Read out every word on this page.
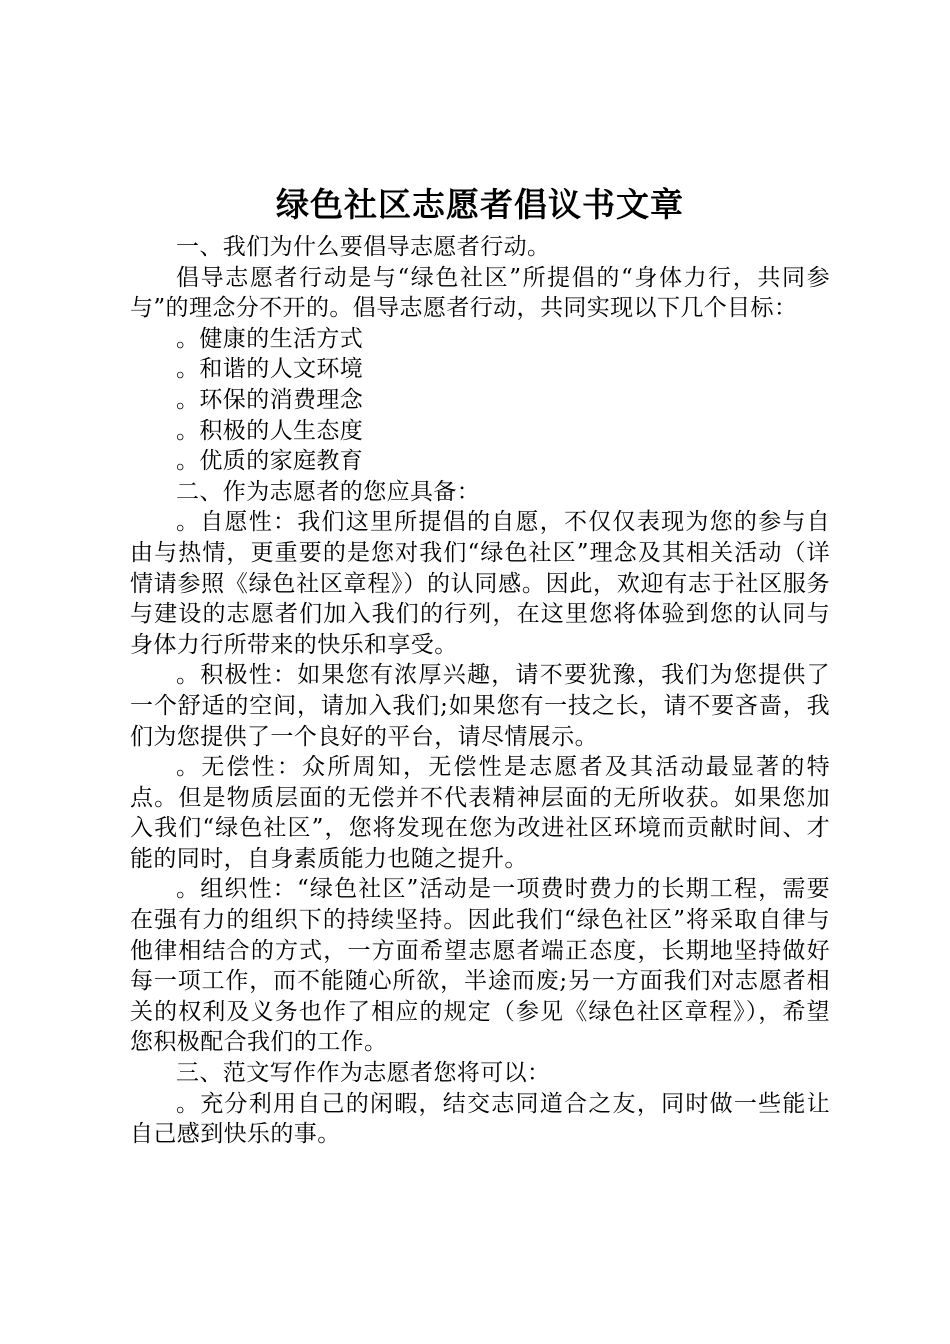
绿色社区志愿者倡议书文章

一、我们为什么要倡导志愿者行动。

倡导志愿者行动是与“绿色社区”所提倡的“身体力行，共同参与”的理念分不开的。倡导志愿者行动，共同实现以下几个目标：

。健康的生活方式

。和谐的人文环境

。环保的消费理念

。积极的人生态度

。优质的家庭教育

二、作为志愿者的您应具备：

。自愿性：我们这里所提倡的自愿，不仅仅表现为您的参与自由与热情，更重要的是您对我们“绿色社区”理念及其相关活动（详情请参照《绿色社区章程》）的认同感。因此，欢迎有志于社区服务与建设的志愿者们加入我们的行列，在这里您将体验到您的认同与身体力行所带来的快乐和享受。

。积极性：如果您有浓厚兴趣，请不要犹豫，我们为您提供了一个舒适的空间，请加入我们;如果您有一技之长，请不要吝啬，我们为您提供了一个良好的平台，请尽情展示。

。无偿性：众所周知，无偿性是志愿者及其活动最显著的特点。但是物质层面的无偿并不代表精神层面的无所收获。如果您加入我们“绿色社区”，您将发现在您为改进社区环境而贡献时间、才能的同时，自身素质能力也随之提升。

。组织性：“绿色社区”活动是一项费时费力的长期工程，需要在强有力的组织下的持续坚持。因此我们“绿色社区”将采取自律与他律相结合的方式，一方面希望志愿者端正态度，长期地坚持做好每一项工作，而不能随心所欲，半途而废;另一方面我们对志愿者相关的权利及义务也作了相应的规定（参见《绿色社区章程》），希望您积极配合我们的工作。

三、范文写作作为志愿者您将可以：

。充分利用自己的闲暇，结交志同道合之友，同时做一些能让自己感到快乐的事。
